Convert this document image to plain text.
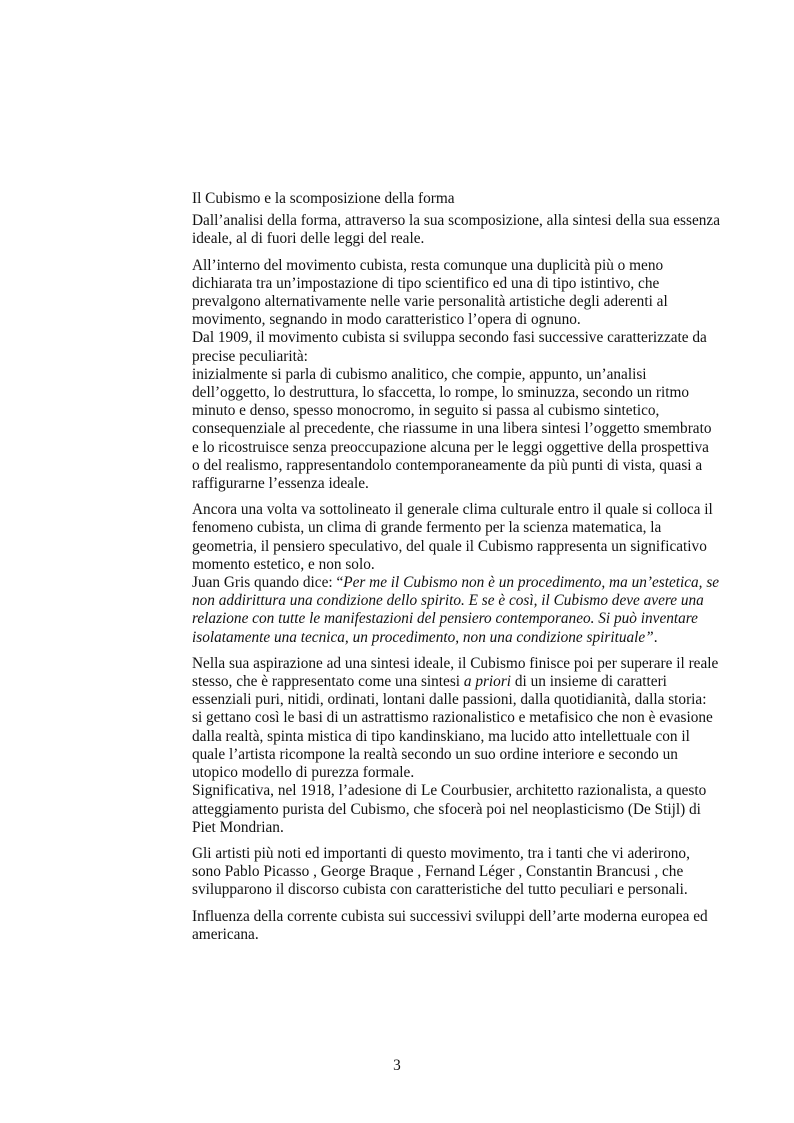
Il Cubismo e la scomposizione della forma

Dall’analisi della forma, attraverso la sua scomposizione, alla sintesi della sua essenza ideale, al di fuori delle leggi del reale.

All’interno del movimento cubista, resta comunque una duplicità più o meno dichiarata tra un’impostazione di tipo scientifico ed una di tipo istintivo, che prevalgono alternativamente nelle varie personalità artistiche degli aderenti al movimento, segnando in modo caratteristico l’opera di ognuno.

Dal 1909, il movimento cubista si sviluppa secondo fasi successive caratterizzate da precise peculiarità:

inizialmente si parla di cubismo analitico, che compie, appunto, un’analisi dell’oggetto, lo destruttura, lo sfaccetta, lo rompe, lo sminuzza, secondo un ritmo minuto e denso, spesso monocromo, in seguito si passa al cubismo sintetico, consequenziale al precedente, che riassume in una libera sintesi l’oggetto smembrato e lo ricostruisce senza preoccupazione alcuna per le leggi oggettive della prospettiva o del realismo, rappresentandolo contemporaneamente da più punti di vista, quasi a raffigurarne l’essenza ideale.

Ancora una volta va sottolineato il generale clima culturale entro il quale si colloca il fenomeno cubista, un clima di grande fermento per la scienza matematica, la geometria, il pensiero speculativo, del quale il Cubismo rappresenta un significativo momento estetico, e non solo.

Juan Gris quando dice: “Per me il Cubismo non è un procedimento, ma un’estetica, se non addirittura una condizione dello spirito. E se è così, il Cubismo deve avere una relazione con tutte le manifestazioni del pensiero contemporaneo. Si può inventare isolatamente una tecnica, un procedimento, non una condizione spirituale”.

Nella sua aspirazione ad una sintesi ideale, il Cubismo finisce poi per superare il reale stesso, che è rappresentato come una sintesi a priori di un insieme di caratteri essenziali puri, nitidi, ordinati, lontani dalle passioni, dalla quotidianità, dalla storia: si gettano così le basi di un astrattismo razionalistico e metafisico che non è evasione dalla realtà, spinta mistica di tipo kandinskiano, ma lucido atto intellettuale con il quale l’artista ricompone la realtà secondo un suo ordine interiore e secondo un utopico modello di purezza formale.

Significativa, nel 1918, l’adesione di Le Courbusier, architetto razionalista, a questo atteggiamento purista del Cubismo, che sfocerà poi nel neoplasticismo (De Stijl) di Piet Mondrian.

Gli artisti più noti ed importanti di questo movimento, tra i tanti che vi aderirono, sono Pablo Picasso , George Braque , Fernand Léger , Constantin Brancusi , che svilupparono il discorso cubista con caratteristiche del tutto peculiari e personali.

Influenza della corrente cubista sui successivi sviluppi dell’arte moderna europea ed americana.

3
